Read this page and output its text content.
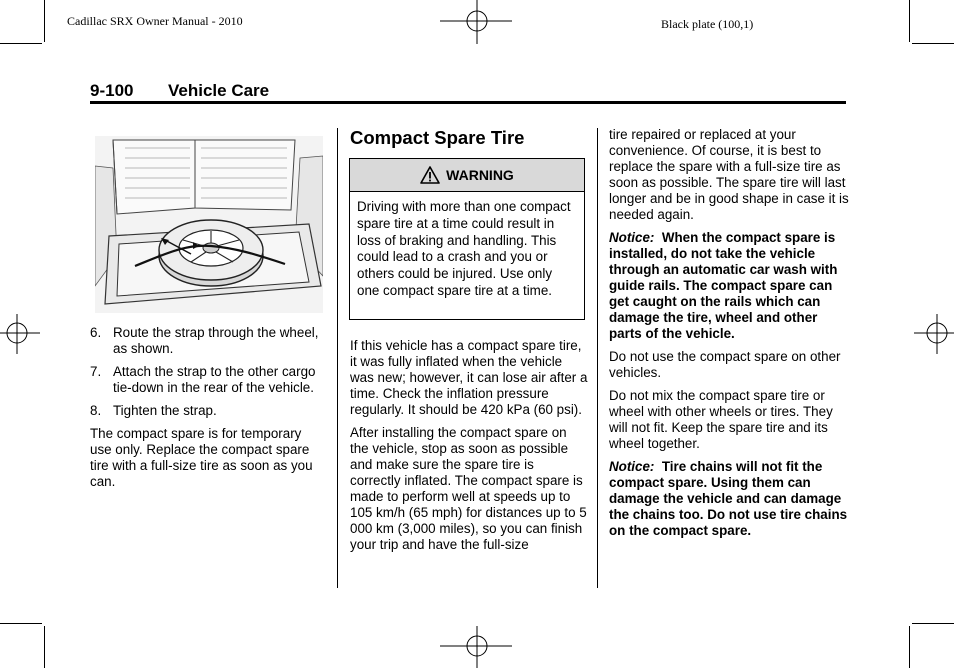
Cadillac SRX Owner Manual - 2010	Black plate (100,1)
9-100 Vehicle Care
6. Route the strap through the wheel, as shown.
7. Attach the strap to the other cargo tie-down in the rear of the vehicle.
8. Tighten the strap.

The compact spare is for temporary use only. Replace the compact spare tire with a full-size tire as soon as you can.

Compact Spare Tire
WARNING
Driving with more than one compact spare tire at a time could result in loss of braking and handling. This could lead to a crash and you or others could be injured. Use only one compact spare tire at a time.

If this vehicle has a compact spare tire, it was fully inflated when the vehicle was new; however, it can lose air after a time. Check the inflation pressure regularly. It should be 420 kPa (60 psi).

After installing the compact spare on the vehicle, stop as soon as possible and make sure the spare tire is correctly inflated. The compact spare is made to perform well at speeds up to 105 km/h (65 mph) for distances up to 5 000 km (3,000 miles), so you can finish your trip and have the full-size

tire repaired or replaced at your convenience. Of course, it is best to replace the spare with a full-size tire as soon as possible. The spare tire will last longer and be in good shape in case it is needed again.

Notice: When the compact spare is installed, do not take the vehicle through an automatic car wash with guide rails. The compact spare can get caught on the rails which can damage the tire, wheel and other parts of the vehicle.

Do not use the compact spare on other vehicles.

Do not mix the compact spare tire or wheel with other wheels or tires. They will not fit. Keep the spare tire and its wheel together.

Notice: Tire chains will not fit the compact spare. Using them can damage the vehicle and can damage the chains too. Do not use tire chains on the compact spare.
